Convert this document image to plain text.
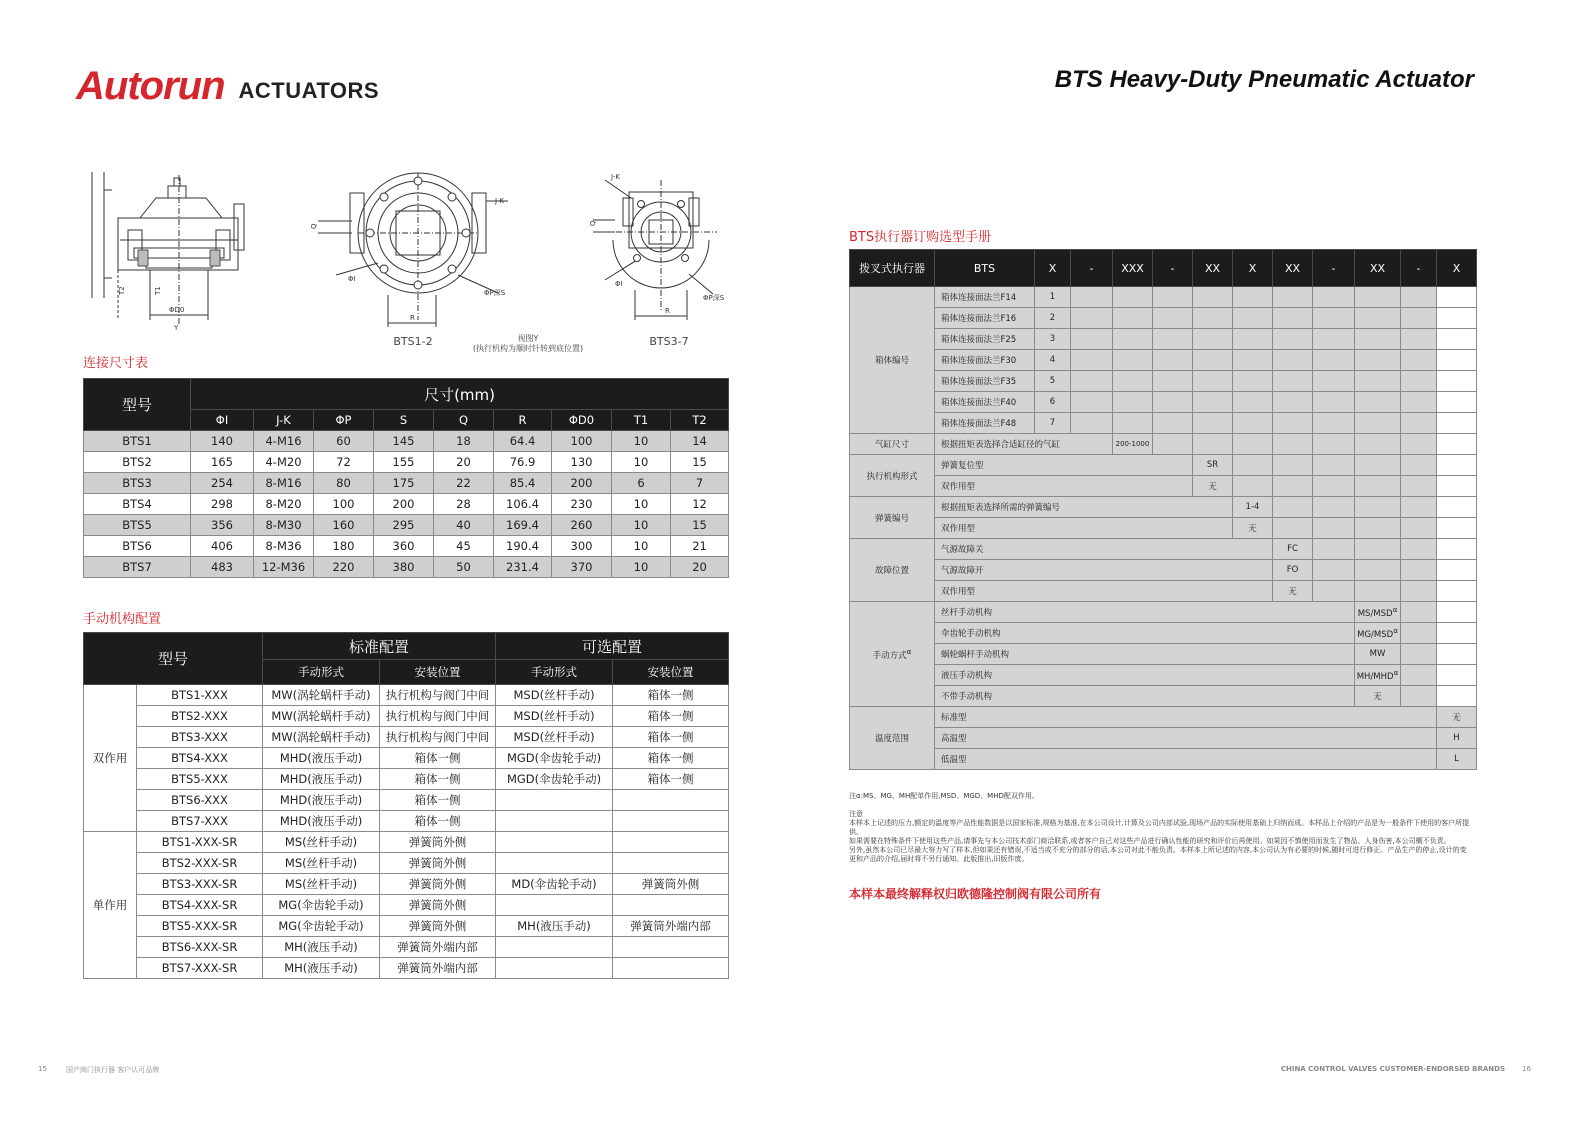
Autorun ACTUATORS	BTS Heavy-Duty Pneumatic Actuator
T2	T1
ΦD0
Y
Q
J-K
ΦI
ΦP深S
R
Q
J-K
ΦI
ΦP深S
R
BTS1-2	视图Y
(执行机构为顺时针转到底位置)
BTS3-7
连接尺寸表
型号	尺寸(mm)								
	ΦI	J-K	ΦP	S	Q	R	ΦD0	T1	T2
BTS1	140	4-M16	60	145	18	64.4	100	10	14
BTS2	165	4-M20	72	155	20	76.9	130	10	15
BTS3	254	8-M16	80	175	22	85.4	200	6	7
BTS4	298	8-M20	100	200	28	106.4	230	10	12
BTS5	356	8-M30	160	295	40	169.4	260	10	15
BTS6	406	8-M36	180	360	45	190.4	300	10	21
BTS7	483	12-M36	220	380	50	231.4	370	10	20
手动机构配置
型号		标准配置		可选配置	
		手动形式	安装位置	手动形式	安装位置
双作用	BTS1-XXX	MW(涡轮蜗杆手动)	执行机构与阀门中间	MSD(丝杆手动)	箱体一侧
	BTS2-XXX	MW(涡轮蜗杆手动)	执行机构与阀门中间	MSD(丝杆手动)	箱体一侧
	BTS3-XXX	MW(涡轮蜗杆手动)	执行机构与阀门中间	MSD(丝杆手动)	箱体一侧
	BTS4-XXX	MHD(液压手动)	箱体一侧	MGD(伞齿轮手动)	箱体一侧
	BTS5-XXX	MHD(液压手动)	箱体一侧	MGD(伞齿轮手动)	箱体一侧
	BTS6-XXX	MHD(液压手动)	箱体一侧		
	BTS7-XXX	MHD(液压手动)	箱体一侧		
单作用	BTS1-XXX-SR	MS(丝杆手动)	弹簧筒外侧		
	BTS2-XXX-SR	MS(丝杆手动)	弹簧筒外侧		
	BTS3-XXX-SR	MS(丝杆手动)	弹簧筒外侧	MD(伞齿轮手动)	弹簧筒外侧
	BTS4-XXX-SR	MG(伞齿轮手动)	弹簧筒外侧		
	BTS5-XXX-SR	MG(伞齿轮手动)	弹簧筒外侧	MH(液压手动)	弹簧筒外端内部
	BTS6-XXX-SR	MH(液压手动)	弹簧筒外端内部		
	BTS7-XXX-SR	MH(液压手动)	弹簧筒外端内部		
BTS执行器订购选型手册
拨叉式执行器	BTS	X	-	XXX	-	XX	X	XX	-	XX	-	X
箱体编号	箱体连接面法兰F14	1										
	箱体连接面法兰F16	2										
	箱体连接面法兰F25	3										
	箱体连接面法兰F30	4										
	箱体连接面法兰F35	5										
	箱体连接面法兰F40	6										
	箱体连接面法兰F48	7										
气缸尺寸	根据扭矩表选择合适缸径的气缸			200-1000								
执行机构形式	弹簧复位型					SR						
	双作用型					无						
弹簧编号	根据扭矩表选择所需的弹簧编号						1-4					
	双作用型						无					
故障位置	气源故障关							FC				
	气源故障开							FO				
	双作用型							无				
手动方式$^\alpha$	丝杆手动机构									$MS/MSD^\alpha$		
	伞齿轮手动机构									$MG/MSD^\alpha$		
	蜗轮蜗杆手动机构									MW		
	液压手动机构									$MH/MHD^\alpha$		
	不带手动机构									无		
温度范围	标准型											无
	高温型											H
	低温型											L
注α:MS、MG、MH配单作用,MSD、MGD、MHD配双作用。
注意
本样本上记述的压力,额定的温度等产品性能数据是以国家标准,规格为基准,在本公司设计,计算及公司内部试验,现场产品的实际使用基础上归纳而成。本样品上介绍的产品是为一般条件下使用的客户所提供。
如果需要在特殊条件下使用这些产品,请事先与本公司技术部门商洽联系,或者客户自己对这些产品进行确认性能的研究和评价后再使用。如果因不慎使用而发生了物品、人身伤害,本公司概不负责。
另外,虽然本公司已尽最大努力写了样本,但如果还有错误,不适当或不充分的部分的话,本公司对此不能负责。本样本上所记述的内容,本公司认为有必要的时候,随时可进行修正。产品生产的停止,设计的变更和产品的介绍,届时将不另行通知。此版推出,旧版作废。
本样本最终解释权归欧德隆控制阀有限公司所有
15	国产阀门执行器 客户认可品牌	CHINA CONTROL VALVES CUSTOMER-ENDORSED BRANDS 16
